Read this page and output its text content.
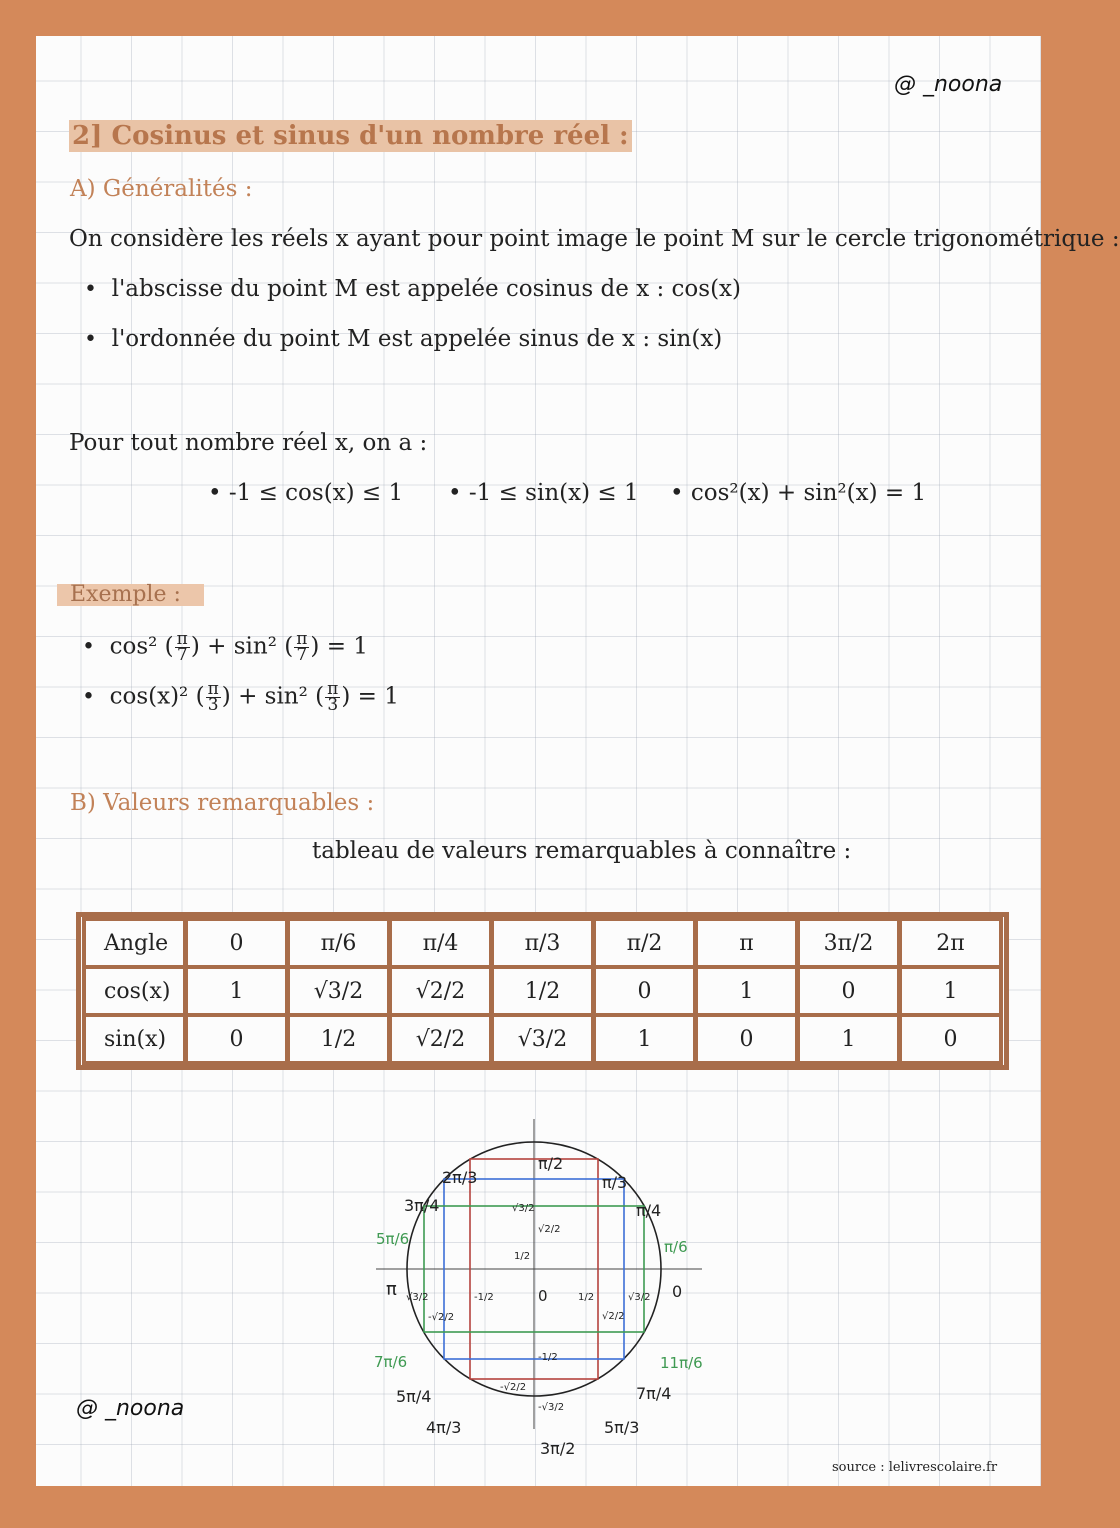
@ _noona
2] Cosinus et sinus d'un nombre réel :
A) Généralités :
On considère les réels x ayant pour point image le point M sur le cercle trigonométrique :
• l'abscisse du point M est appelée cosinus de x : cos(x)
• l'ordonnée du point M est appelée sinus de x : sin(x)
Pour tout nombre réel x, on a :
• -1 ≤ cos(x) ≤ 1 • -1 ≤ sin(x) ≤ 1 • cos²(x) + sin²(x) = 1
Exemple :
• cos² ( $\frac{\pi}{7}$ ) + sin² ( $\frac{\pi}{7}$ ) = 1
• cos(x)² ( $\frac{\pi}{3}$ ) + sin² ( $\frac{\pi}{3}$ ) = 1
B) Valeurs remarquables :
tableau de valeurs remarquables à connaître :
Angle	0	π/6	π/4	π/3	π/2	π	3π/2	2π
cos(x)	1	√3/2	√2/2	1/2	0	1	0	1
sin(x)	0	1/2	√2/2	√3/2	1	0	1	0
π/2
π/3
π/4
π/6
0
2π/3
3π/4
5π/6
π
7π/6
5π/4
4π/3
3π/2
5π/3
7π/4
11π/6
√3/2
√2/2
1/2
0
-1/2
-√2/2
-√3/2
1/2
√2/2
√3/2
-1/2
-√2/2
√3/2
@ _noona
source : lelivrescolaire.fr
